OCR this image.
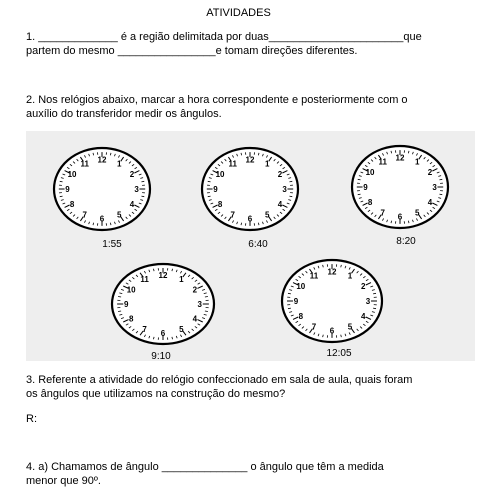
ATIVIDADES
1. _____________ é a região delimitada por duas______________________que
partem do mesmo ________________e tomam direções diferentes.
2. Nos relógios abaixo, marcar a hora correspondente e posteriormente com o
auxílio do transferidor medir os ângulos.
12 1
2
3
4
5
6
7
8
9
10
11
1:55
12 1
2
3
4
5
6
7
8
9
10
11
6:40
12 1
2
3
4
5
6
7
8
9
10
11
8:20
12 1
2
3
4
5
6
7
8
9
10
11
9:10
12 1
2
3
4
5
6
7
8
9
10
11
12:05
3. Referente a atividade do relógio confeccionado em sala de aula, quais foram
os ângulos que utilizamos na construção do mesmo?
R:
4. a) Chamamos de ângulo ______________ o ângulo que têm a medida
menor que 90º.
